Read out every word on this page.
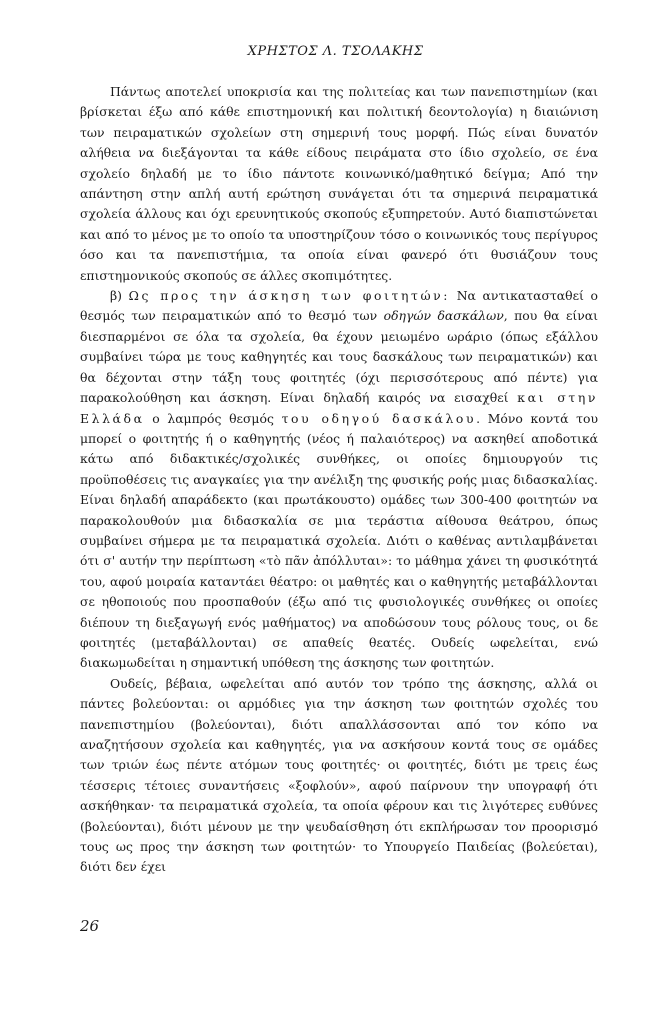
ΧΡΗΣΤΟΣ Λ. ΤΣΟΛΑΚΗΣ

Πάντως αποτελεί υποκρισία και της πολιτείας και των πανεπιστημίων (και βρίσκεται έξω από κάθε επιστημονική και πολιτική δεοντολογία) η διαιώνιση των πειραματικών σχολείων στη σημερινή τους μορφή. Πώς είναι δυνατόν αλήθεια να διεξάγονται τα κάθε είδους πειράματα στο ίδιο σχολείο, σε ένα σχολείο δηλαδή με το ίδιο πάντοτε κοινωνικό/μαθητικό δείγμα; Από την απάντηση στην απλή αυτή ερώτηση συνάγεται ότι τα σημερινά πειραματικά σχολεία άλλους και όχι ερευνητικούς σκοπούς εξυπηρετούν. Αυτό διαπιστώνεται και από το μένος με το οποίο τα υποστηρίζουν τόσο ο κοινωνικός τους περίγυρος όσο και τα πανεπιστήμια, τα οποία είναι φανερό ότι θυσιάζουν τους επιστημονικούς σκοπούς σε άλλες σκοπιμότητες.

β) Ως προς την άσκηση των φοιτητών: Να αντικατασταθεί ο θεσμός των πειραματικών από το θεσμό των οδηγών δασκάλων, που θα είναι διεσπαρμένοι σε όλα τα σχολεία, θα έχουν μειωμένο ωράριο (όπως εξάλλου συμβαίνει τώρα με τους καθηγητές και τους δασκάλους των πειραματικών) και θα δέχονται στην τάξη τους φοιτητές (όχι περισσότερους από πέντε) για παρακολούθηση και άσκηση. Είναι δηλαδή καιρός να εισαχθεί και στην Ελλάδα ο λαμπρός θεσμός του οδηγού δασκάλου. Μόνο κοντά του μπορεί ο φοιτητής ή ο καθηγητής (νέος ή παλαιότερος) να ασκηθεί αποδοτικά κάτω από διδακτικές/σχολικές συνθήκες, οι οποίες δημιουργούν τις προϋποθέσεις τις αναγκαίες για την ανέλιξη της φυσικής ροής μιας διδασκαλίας. Είναι δηλαδή απαράδεκτο (και πρωτάκουστο) ομάδες των 300-400 φοιτητών να παρακολουθούν μια διδασκαλία σε μια τεράστια αίθουσα θεάτρου, όπως συμβαίνει σήμερα με τα πειραματικά σχολεία. Διότι ο καθένας αντιλαμβάνεται ότι σ' αυτήν την περίπτωση «τὸ πᾶν ἀπόλλυται»: το μάθημα χάνει τη φυσικότητά του, αφού μοιραία καταντάει θέατρο: οι μαθητές και ο καθηγητής μεταβάλλονται σε ηθοποιούς που προσπαθούν (έξω από τις φυσιολογικές συνθήκες οι οποίες διέπουν τη διεξαγωγή ενός μαθήματος) να αποδώσουν τους ρόλους τους, οι δε φοιτητές (μεταβάλλονται) σε απαθείς θεατές. Ουδείς ωφελείται, ενώ διακωμωδείται η σημαντική υπόθεση της άσκησης των φοιτητών.

Ουδείς, βέβαια, ωφελείται από αυτόν τον τρόπο της άσκησης, αλλά οι πάντες βολεύονται: οι αρμόδιες για την άσκηση των φοιτητών σχολές του πανεπιστημίου (βολεύονται), διότι απαλλάσσονται από τον κόπο να αναζητήσουν σχολεία και καθηγητές, για να ασκήσουν κοντά τους σε ομάδες των τριών έως πέντε ατόμων τους φοιτητές· οι φοιτητές, διότι με τρεις έως τέσσερις τέτοιες συναντήσεις «ξοφλούν», αφού παίρνουν την υπογραφή ότι ασκήθηκαν· τα πειραματικά σχολεία, τα οποία φέρουν και τις λιγότερες ευθύνες (βολεύονται), διότι μένουν με την ψευδαίσθηση ότι εκπλήρωσαν τον προορισμό τους ως προς την άσκηση των φοιτητών· το Υπουργείο Παιδείας (βολεύεται), διότι δεν έχει

26
